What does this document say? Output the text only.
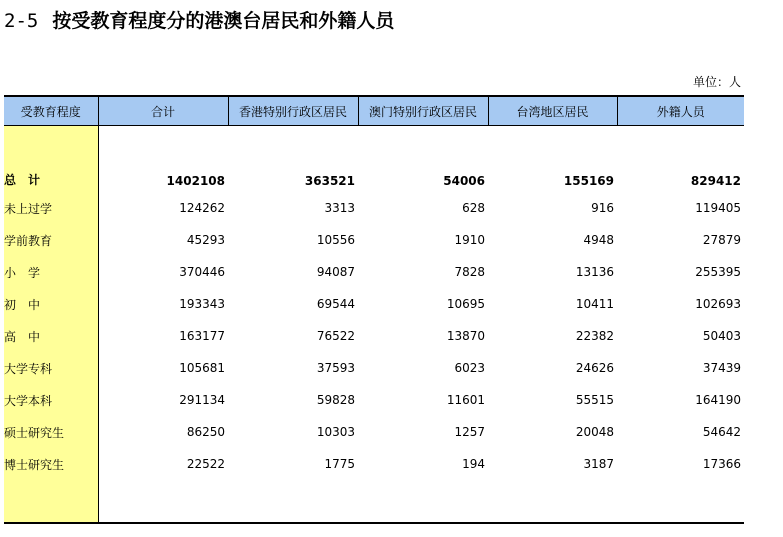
2-5 按受教育程度分的港澳台居民和外籍人员
单位：人
受教育程度	合计	香港特别行政区居民	澳门特别行政区居民	台湾地区居民	外籍人员

总　计	1402108	363521	54006	155169	829412
未上过学	124262	3313	628	916	119405
学前教育	45293	10556	1910	4948	27879
小　学	370446	94087	7828	13136	255395
初　中	193343	69544	10695	10411	102693
高　中	163177	76522	13870	22382	50403
大学专科	105681	37593	6023	24626	37439
大学本科	291134	59828	11601	55515	164190
硕士研究生	86250	10303	1257	20048	54642
博士研究生	22522	1775	194	3187	17366
